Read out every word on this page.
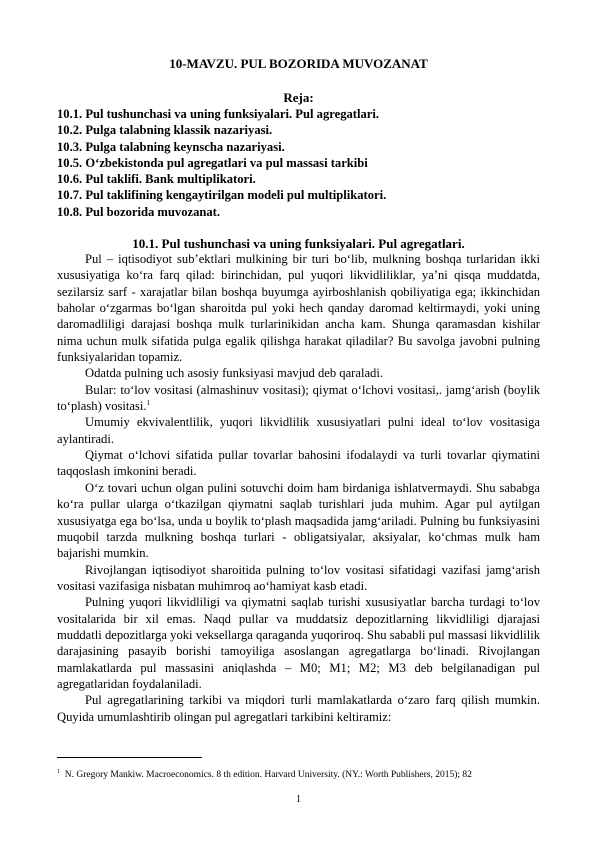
10-MAVZU. PUL BOZORIDA MUVOZANAT
Reja:
10.1. Pul tushunchasi va uning funksiyalari. Pul agregatlari.
10.2. Pulga talabning klassik nazariyasi.
10.3. Pulga talabning keynscha nazariyasi.
10.5. O‘zbekistonda pul agregatlari va pul massasi tarkibi
10.6. Pul taklifi. Bank multiplikatori.
10.7. Pul taklifining kengaytirilgan modeli pul multiplikatori.
10.8. Pul bozorida muvozanat.
10.1. Pul tushunchasi va uning funksiyalari. Pul agregatlari.

Pul – iqtisodiyot sub’ektlari mulkining bir turi bo‘lib, mulkning boshqa turlaridan ikki xususiyatiga ko‘ra farq qilad: birinchidan, pul yuqori likvidliliklar, ya’ni qisqa muddatda, sezilarsiz sarf - xarajatlar bilan boshqa buyumga ayirboshlanish qobiliyatiga ega; ikkinchidan baholar o‘zgarmas bo‘lgan sharoitda pul yoki hech qanday daromad keltirmaydi, yoki uning daromadliligi darajasi boshqa mulk turlarinikidan ancha kam. Shunga qaramasdan kishilar nima uchun mulk sifatida pulga egalik qilishga harakat qiladilar? Bu savolga javobni pulning funksiyalaridan topamiz.

Odatda pulning uch asosiy funksiyasi mavjud deb qaraladi.

Bular: to‘lov vositasi (almashinuv vositasi); qiymat o‘lchovi vositasi,. jamg‘arish (boylik to‘plash) vositasi.$^1$

Umumiy ekvivalentlilik, yuqori likvidlilik xususiyatlari pulni ideal to‘lov vositasiga aylantiradi.

Qiymat o‘lchovi sifatida pullar tovarlar bahosini ifodalaydi va turli tovarlar qiymatini taqqoslash imkonini beradi.

O‘z tovari uchun olgan pulini sotuvchi doim ham birdaniga ishlatvermaydi. Shu sababga ko‘ra pullar ularga o‘tkazilgan qiymatni saqlab turishlari juda muhim. Agar pul aytilgan xususiyatga ega bo‘lsa, unda u boylik to‘plash maqsadida jamg‘ariladi. Pulning bu funksiyasini muqobil tarzda mulkning boshqa turlari - obligatsiyalar, aksiyalar, ko‘chmas mulk ham bajarishi mumkin.

Rivojlangan iqtisodiyot sharoitida pulning to‘lov vositasi sifatidagi vazifasi jamg‘arish vositasi vazifasiga nisbatan muhimroq ao‘hamiyat kasb etadi.

Pulning yuqori likvidliligi va qiymatni saqlab turishi xususiyatlar barcha turdagi to‘lov vositalarida bir xil emas. Naqd pullar va muddatsiz depozitlarning likvidliligi djarajasi muddatli depozitlarga yoki veksellarga qaraganda yuqoriroq. Shu sababli pul massasi likvidlilik darajasining pasayib borishi tamoyiliga asoslangan agregatlarga bo‘linadi. Rivojlangan mamlakatlarda pul massasini aniqlashda – M0; M1; M2; M3 deb belgilanadigan pul agregatlaridan foydalaniladi.

Pul agregatlarining tarkibi va miqdori turli mamlakatlarda o‘zaro farq qilish mumkin. Quyida umumlashtirib olingan pul agregatlari tarkibini keltiramiz:

$^1$ N. Gregory Mankiw. Macroeconomics. 8 th edition. Harvard University. (NY.: Worth Publishers, 2015); 82
1
